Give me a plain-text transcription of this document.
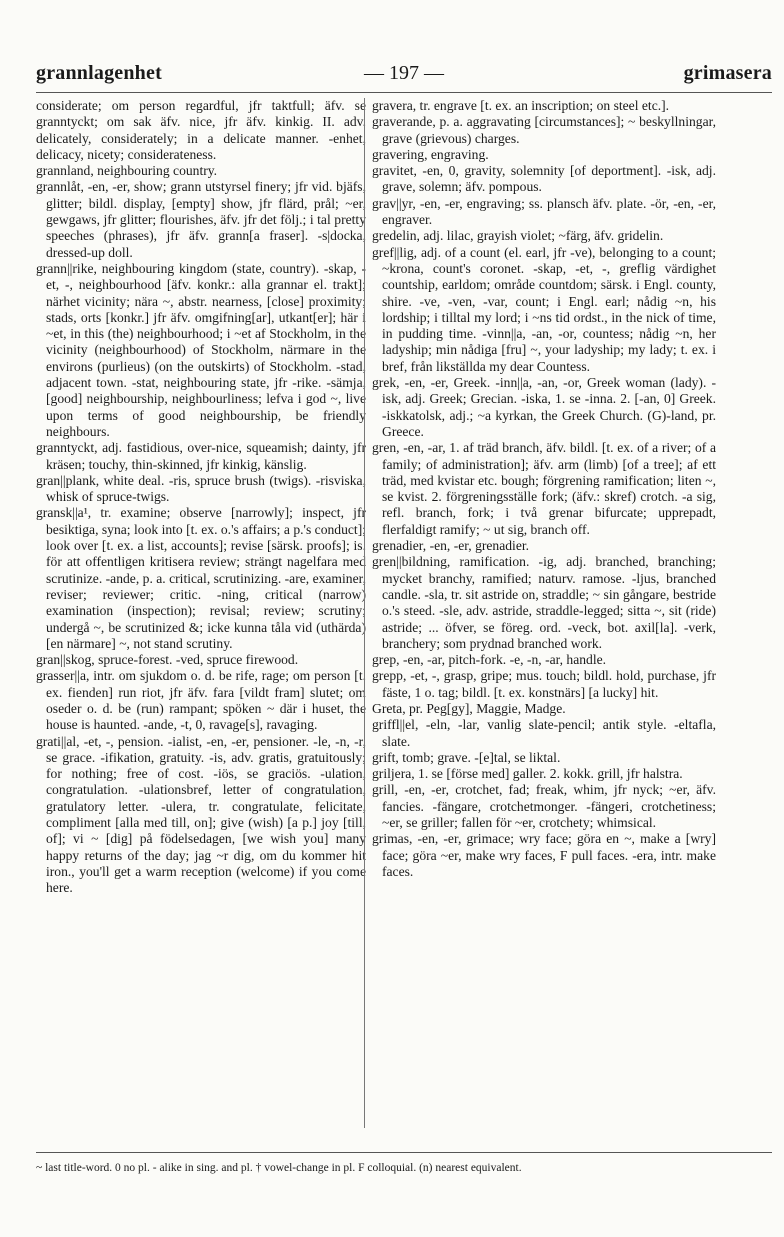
grannlagenhet	— 197 —	grimasera

considerate; om person regardful, jfr taktfull; äfv. se granntyckt; om sak äfv. nice, jfr äfv. kinkig. II. adv. delicately, considerately; in a delicate manner. -enhet, delicacy, nicety; considerateness.

grannland, neighbouring country.

grannlåt, -en, -er, show; grann utstyrsel finery; jfr vid. bjäfs, glitter; bildl. display, [empty] show, jfr flärd, prål; ~er, gewgaws, jfr glitter; flourishes, äfv. jfr det följ.; i tal pretty speeches (phrases), jfr äfv. grann[a fraser]. -s|docka, dressed-up doll.

grann||rike, neighbouring kingdom (state, country). -skap, -et, -, neighbourhood [äfv. konkr.: alla grannar el. trakt]; närhet vicinity; nära ~, abstr. nearness, [close] proximity; stads, orts [konkr.] jfr äfv. omgifning[ar], utkant[er]; här i ~et, in this (the) neighbourhood; i ~et af Stockholm, in the vicinity (neighbourhood) of Stockholm, närmare in the environs (purlieus) (on the outskirts) of Stockholm. -stad, adjacent town. -stat, neighbouring state, jfr -rike. -sämja, [good] neighbourship, neighbourliness; lefva i god ~, live upon terms of good neighbourship, be friendly neighbours.

granntyckt, adj. fastidious, over-nice, squeamish; dainty, jfr kräsen; touchy, thin-skinned, jfr kinkig, känslig.

gran||plank, white deal. -ris, spruce brush (twigs). -risviska, whisk of spruce-twigs.

gransk||a¹, tr. examine; observe [narrowly]; inspect, jfr besiktiga, syna; look into [t. ex. o.'s affairs; a p.'s conduct]; look over [t. ex. a list, accounts]; revise [särsk. proofs]; is. för att offentligen kritisera review; strängt nagelfara med scrutinize. -ande, p. a. critical, scrutinizing. -are, examiner, reviser; reviewer; critic. -ning, critical (narrow) examination (inspection); revisal; review; scrutiny; undergå ~, be scrutinized &; icke kunna tåla vid (uthärda) [en närmare] ~, not stand scrutiny.

gran||skog, spruce-forest. -ved, spruce firewood.

grasser||a, intr. om sjukdom o. d. be rife, rage; om person [t. ex. fienden] run riot, jfr äfv. fara [vildt fram] slutet; om oseder o. d. be (run) rampant; spöken ~ där i huset, the house is haunted. -ande, -t, 0, ravage[s], ravaging.

grati||al, -et, -, pension. -ialist, -en, -er, pensioner. -le, -n, -r, se grace. -ifikation, gratuity. -is, adv. gratis, gratuitously; for nothing; free of cost. -iös, se graciös. -ulation, congratulation. -ulationsbref, letter of congratulation, gratulatory letter. -ulera, tr. congratulate, felicitate, compliment [alla med till, on]; give (wish) [a p.] joy [till, of]; vi ~ [dig] på födelsedagen, [we wish you] many happy returns of the day; jag ~r dig, om du kommer hit iron., you'll get a warm reception (welcome) if you come here.

gravera, tr. engrave [t. ex. an inscription; on steel etc.].

graverande, p. a. aggravating [circumstances]; ~ beskyllningar, grave (grievous) charges.

gravering, engraving.

gravitet, -en, 0, gravity, solemnity [of deportment]. -isk, adj. grave, solemn; äfv. pompous.

grav||yr, -en, -er, engraving; ss. plansch äfv. plate. -ör, -en, -er, engraver.

gredelin, adj. lilac, grayish violet; ~färg, äfv. gridelin.

gref||lig, adj. of a count (el. earl, jfr -ve), belonging to a count; ~krona, count's coronet. -skap, -et, -, greflig värdighet countship, earldom; område countdom; särsk. i Engl. county, shire. -ve, -ven, -var, count; i Engl. earl; nådig ~n, his lordship; i tilltal my lord; i ~ns tid ordst., in the nick of time, in pudding time. -vinn||a, -an, -or, countess; nådig ~n, her ladyship; min nådiga [fru] ~, your ladyship; my lady; t. ex. i bref, från likställda my dear Countess.

grek, -en, -er, Greek. -inn||a, -an, -or, Greek woman (lady). -isk, adj. Greek; Grecian. -iska, 1. se -inna. 2. [-an, 0] Greek. -iskkatolsk, adj.; ~a kyrkan, the Greek Church. (G)-land, pr. Greece.

gren, -en, -ar, 1. af träd branch, äfv. bildl. [t. ex. of a river; of a family; of administration]; äfv. arm (limb) [of a tree]; af ett träd, med kvistar etc. bough; förgrening ramification; liten ~, se kvist. 2. förgreningsställe fork; (äfv.: skref) crotch. -a sig, refl. branch, fork; i två grenar bifurcate; upprepadt, flerfaldigt ramify; ~ ut sig, branch off.

grenadier, -en, -er, grenadier.

gren||bildning, ramification. -ig, adj. branched, branching; mycket branchy, ramified; naturv. ramose. -ljus, branched candle. -sla, tr. sit astride on, straddle; ~ sin gångare, bestride o.'s steed. -sle, adv. astride, straddle-legged; sitta ~, sit (ride) astride; ... öfver, se föreg. ord. -veck, bot. axil[la]. -verk, branchery; som prydnad branched work.

grep, -en, -ar, pitch-fork. -e, -n, -ar, handle.

grepp, -et, -, grasp, gripe; mus. touch; bildl. hold, purchase, jfr fäste, 1 o. tag; bildl. [t. ex. konstnärs] [a lucky] hit.

Greta, pr. Peg[gy], Maggie, Madge.

griffl||el, -eln, -lar, vanlig slate-pencil; antik style. -eltafla, slate.

grift, tomb; grave. -[e]tal, se liktal.

griljera, 1. se [förse med] galler. 2. kokk. grill, jfr halstra.

grill, -en, -er, crotchet, fad; freak, whim, jfr nyck; ~er, äfv. fancies. -fängare, crotchetmonger. -fängeri, crotchetiness; ~er, se griller; fallen för ~er, crotchety; whimsical.

grimas, -en, -er, grimace; wry face; göra en ~, make a [wry] face; göra ~er, make wry faces, F pull faces. -era, intr. make faces.

~ last title-word. 0 no pl. - alike in sing. and pl. † vowel-change in pl. F colloquial. (n) nearest equivalent.
